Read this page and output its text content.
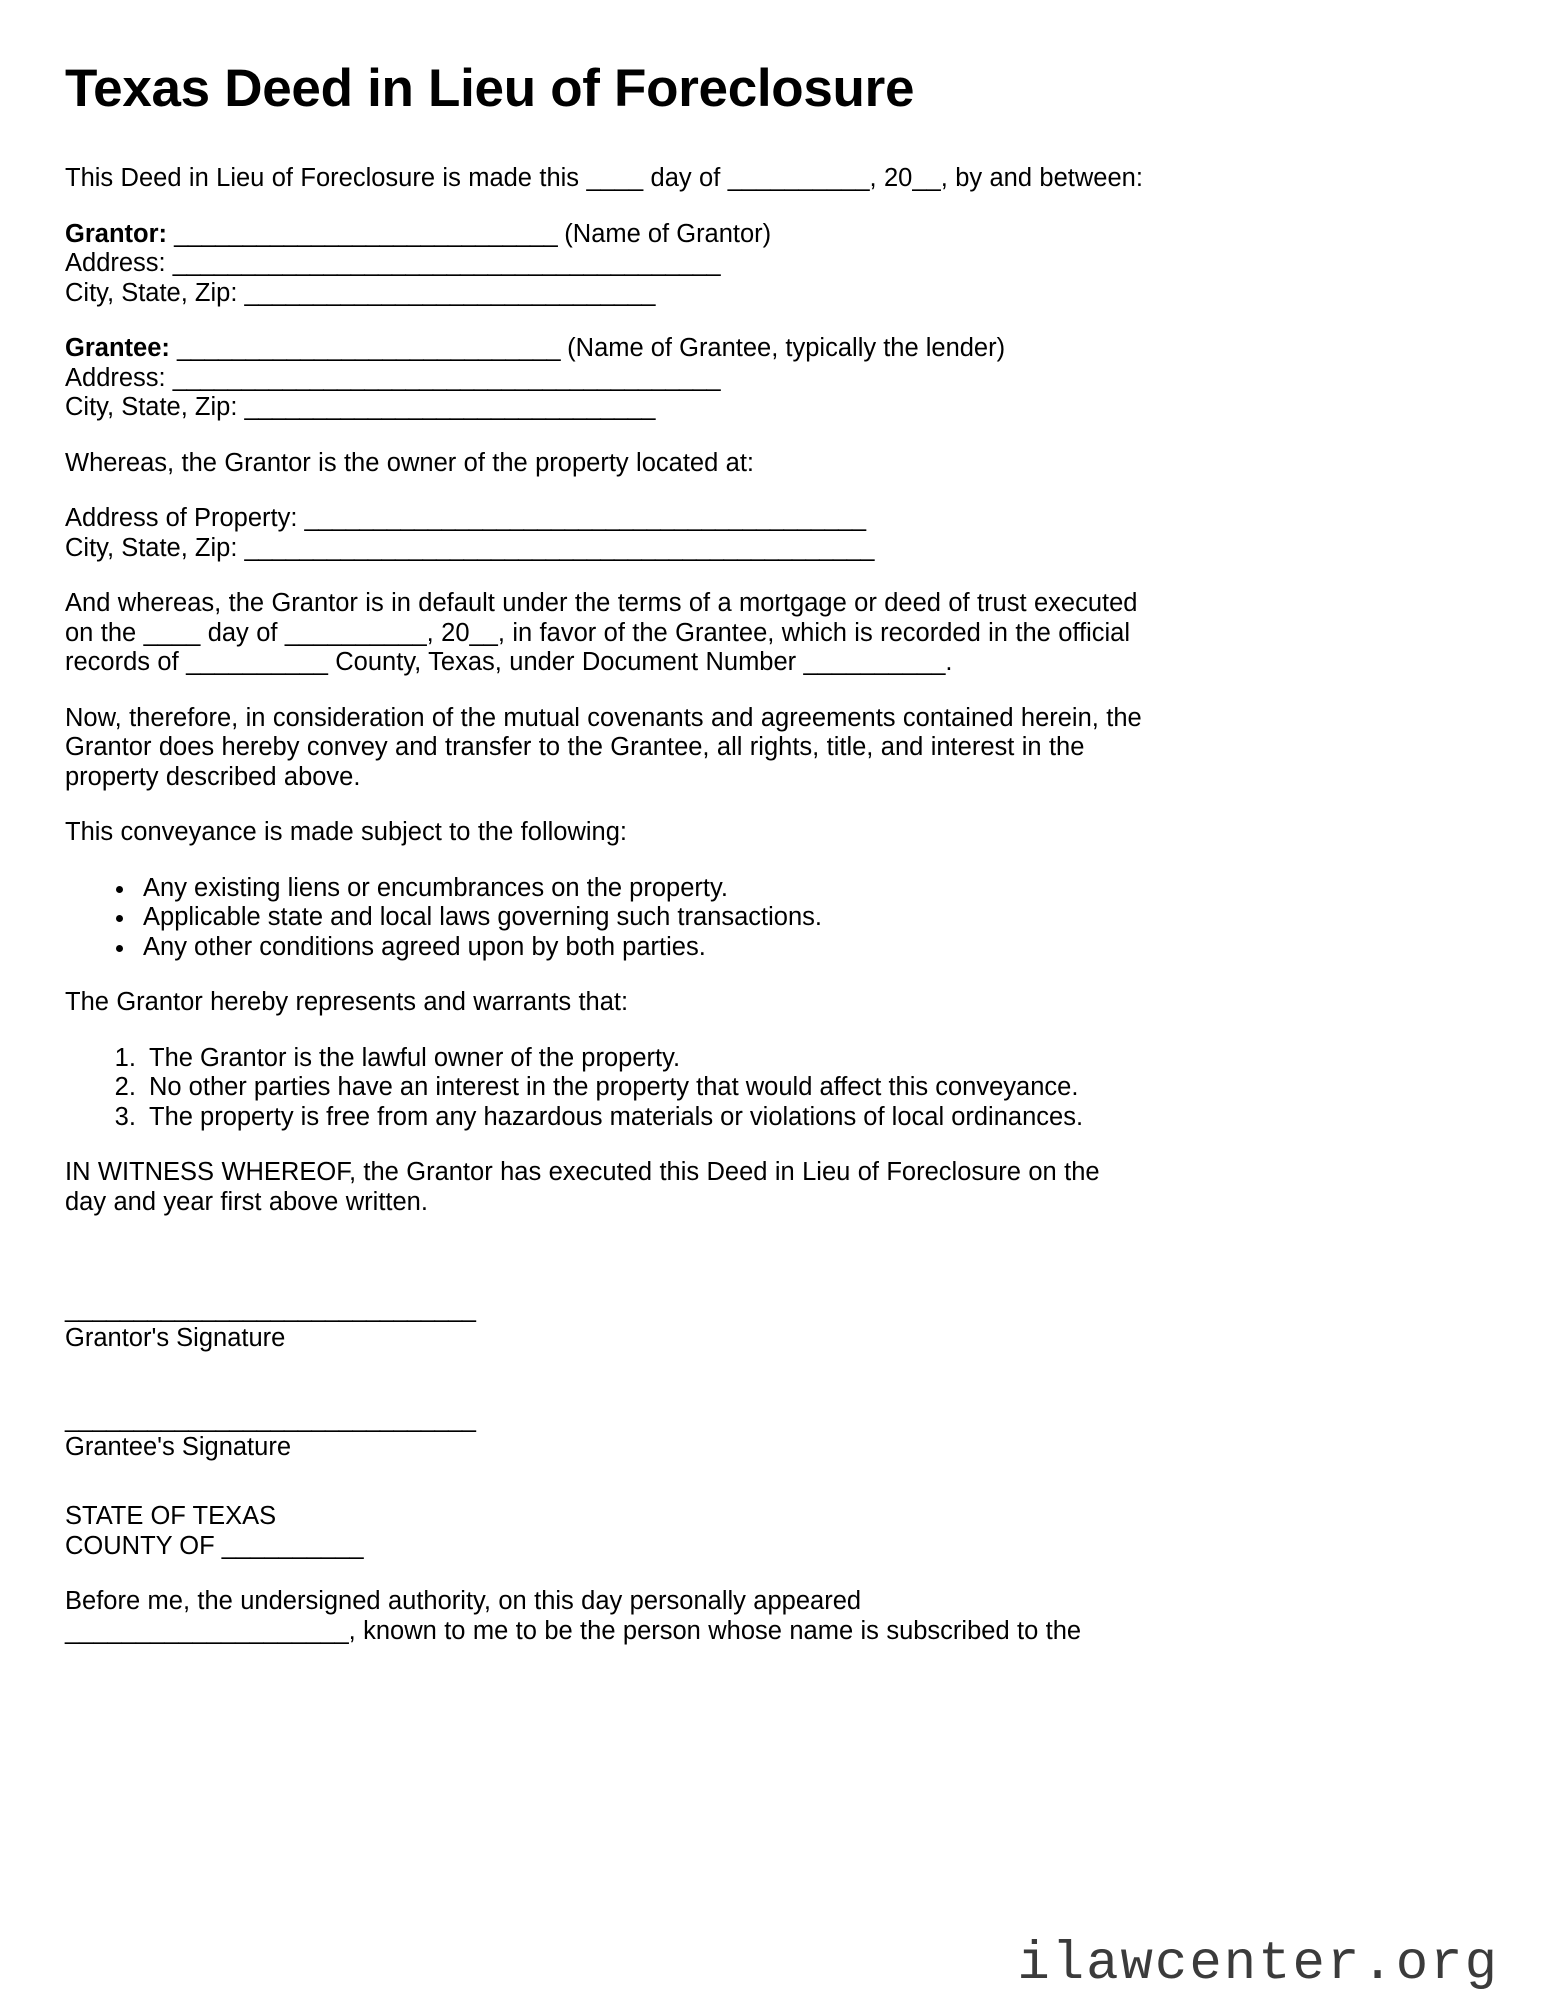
Texas Deed in Lieu of Foreclosure

This Deed in Lieu of Foreclosure is made this ____ day of __________, 20__, by and between:

Grantor: ____________________________ (Name of Grantor)

Address: ________________________________________

City, State, Zip: ______________________________

Grantee: ____________________________ (Name of Grantee, typically the lender)

Address: ________________________________________

City, State, Zip: ______________________________

Whereas, the Grantor is the owner of the property located at:

Address of Property: _________________________________________

City, State, Zip: ______________________________________________

And whereas, the Grantor is in default under the terms of a mortgage or deed of trust executed on the ____ day of __________, 20__, in favor of the Grantee, which is recorded in the official records of __________ County, Texas, under Document Number __________.

Now, therefore, in consideration of the mutual covenants and agreements contained herein, the Grantor does hereby convey and transfer to the Grantee, all rights, title, and interest in the property described above.

This conveyance is made subject to the following:

• Any existing liens or encumbrances on the property.
• Applicable state and local laws governing such transactions.
• Any other conditions agreed upon by both parties.

The Grantor hereby represents and warrants that:

1. The Grantor is the lawful owner of the property.
2. No other parties have an interest in the property that would affect this conveyance.
3. The property is free from any hazardous materials or violations of local ordinances.

IN WITNESS WHEREOF, the Grantor has executed this Deed in Lieu of Foreclosure on the day and year first above written.

______________________________

Grantor's Signature

______________________________

Grantee's Signature

STATE OF TEXAS

COUNTY OF __________

Before me, the undersigned authority, on this day personally appeared ____________________, known to me to be the person whose name is subscribed to the

ilawcenter.org
